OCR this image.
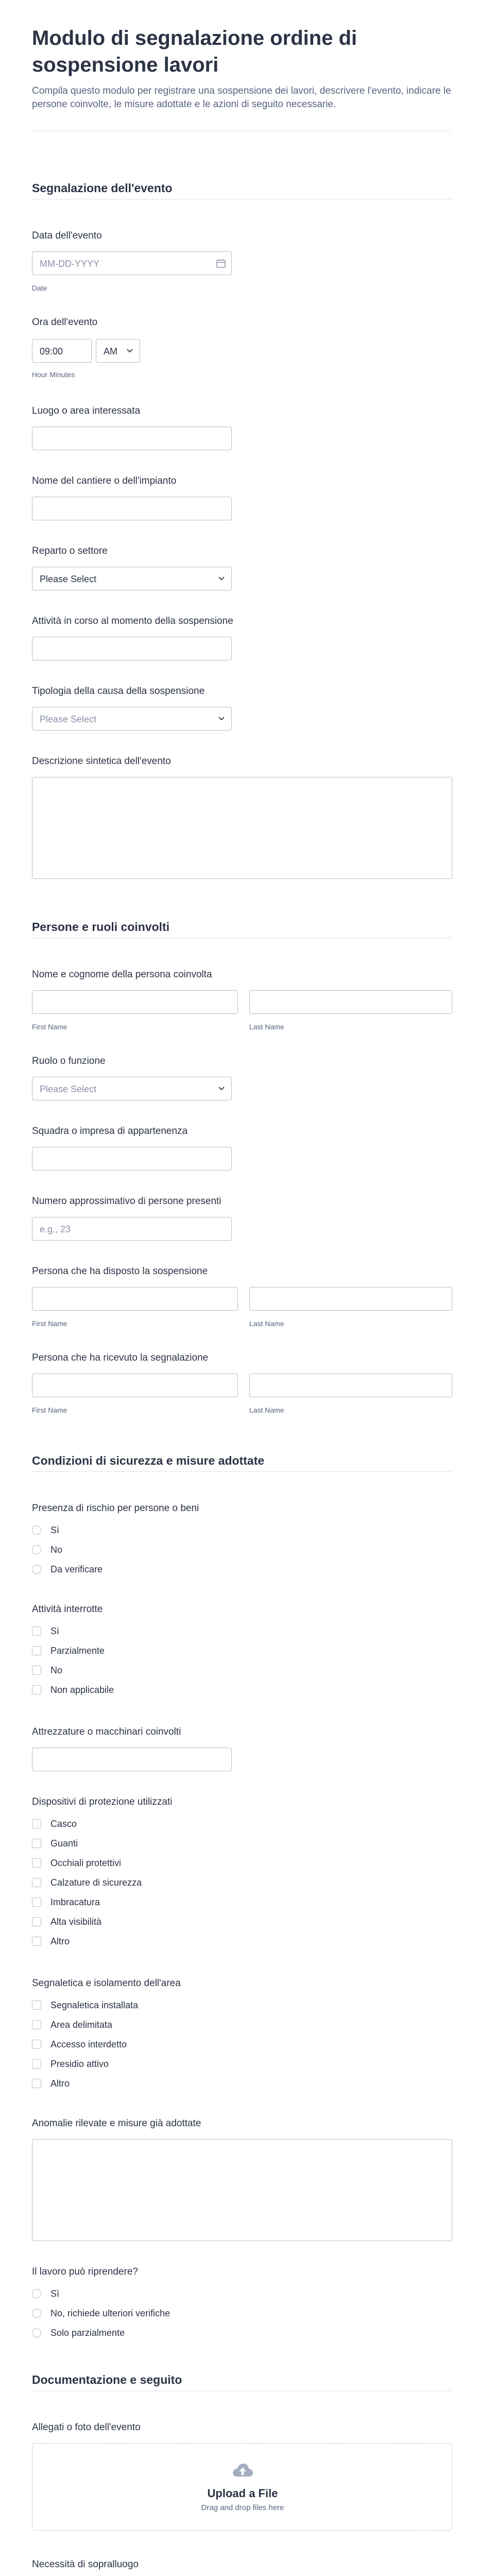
Modulo di segnalazione ordine di sospensione lavori
Compila questo modulo per registrare una sospensione dei lavori, descrivere l'evento, indicare le persone coinvolte, le misure adottate e le azioni di seguito necessarie.
Segnalazione dell'evento
Data dell'evento
MM-DD-YYYY
Date
Ora dell'evento
09:00	AM
Hour Minutes
Luogo o area interessata
Nome del cantiere o dell'impianto
Reparto o settore
Please Select
Attività in corso al momento della sospensione
Tipologia della causa della sospensione
Please Select
Descrizione sintetica dell'evento
Persone e ruoli coinvolti
Nome e cognome della persona coinvolta
First Name	Last Name
Ruolo o funzione
Please Select
Squadra o impresa di appartenenza
Numero approssimativo di persone presenti
e.g., 23
Persona che ha disposto la sospensione
First Name	Last Name
Persona che ha ricevuto la segnalazione
First Name	Last Name
Condizioni di sicurezza e misure adottate
Presenza di rischio per persone o beni
Sì
No
Da verificare
Attività interrotte
Sì
Parzialmente
No
Non applicabile
Attrezzature o macchinari coinvolti
Dispositivi di protezione utilizzati
Casco
Guanti
Occhiali protettivi
Calzature di sicurezza
Imbracatura
Alta visibilità
Altro
Segnaletica e isolamento dell'area
Segnaletica installata
Area delimitata
Accesso interdetto
Presidio attivo
Altro
Anomalie rilevate e misure già adottate
Il lavoro può riprendere?
Sì
No, richiede ulteriori verifiche
Solo parzialmente
Documentazione e seguito
Allegati o foto dell'evento
Upload a File
Drag and drop files here
Necessità di sopralluogo
